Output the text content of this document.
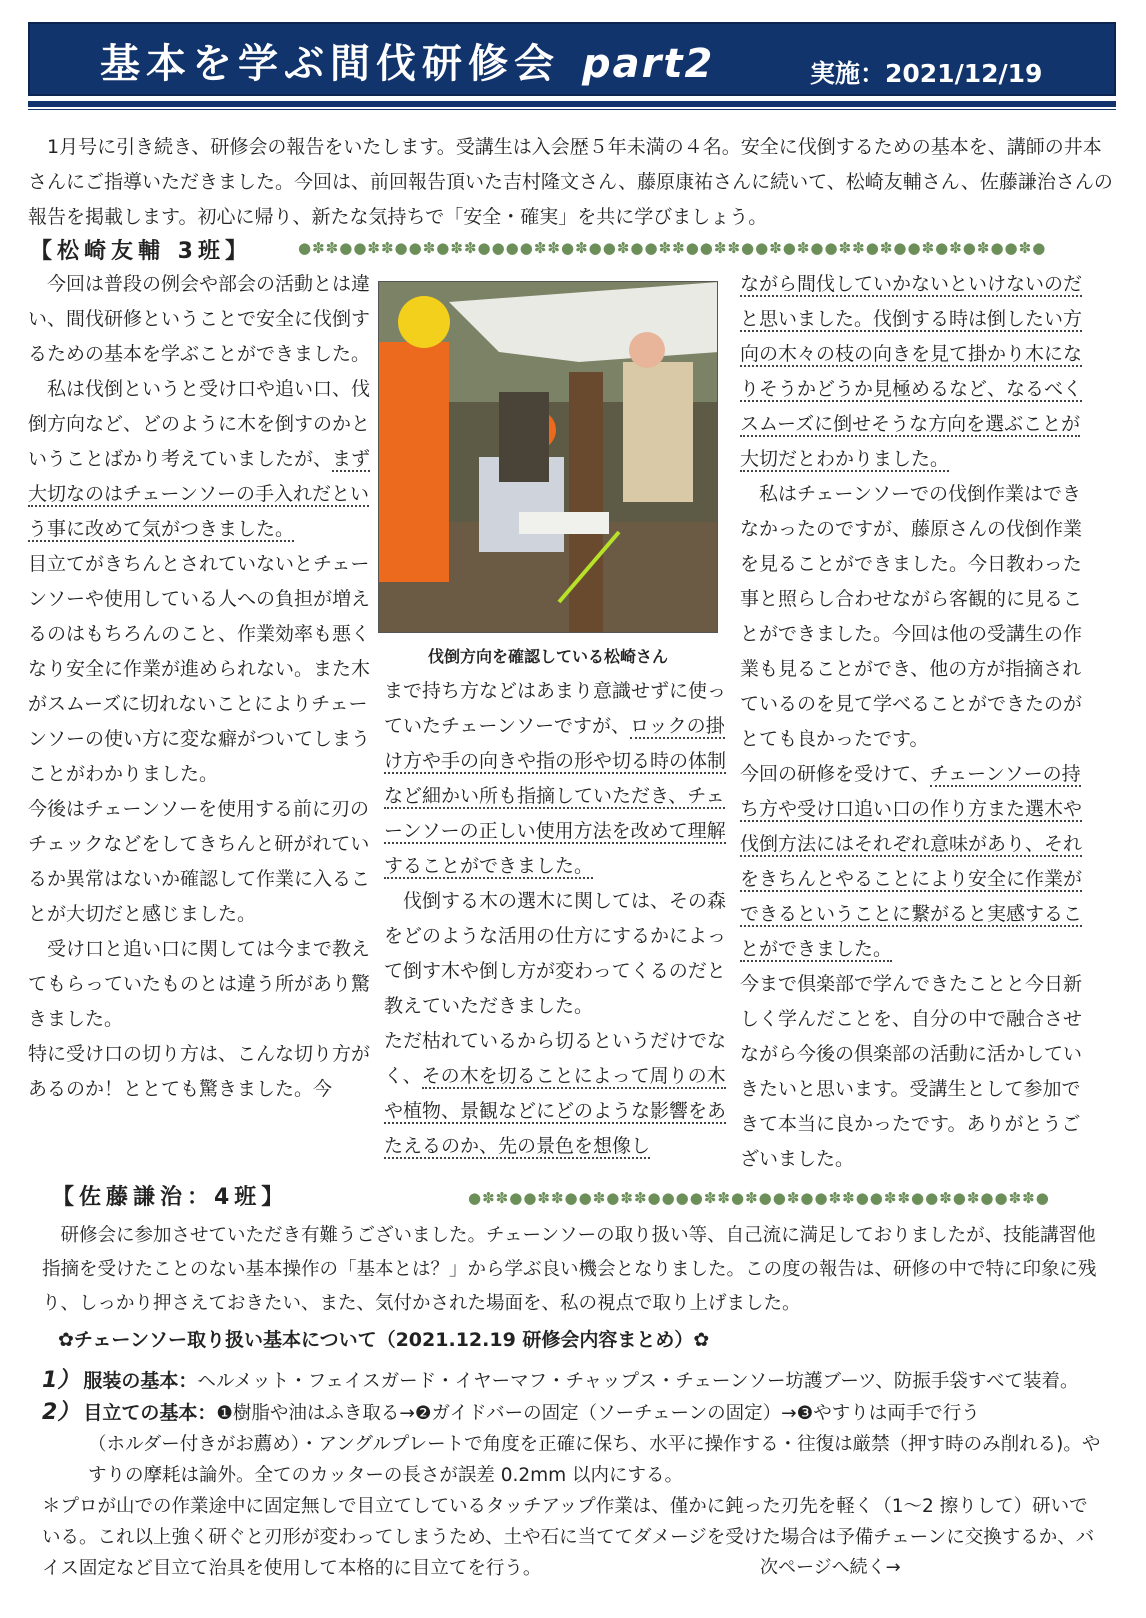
基本を学ぶ間伐研修会 part2	実施：2021/12/19

1月号に引き続き、研修会の報告をいたします。受講生は入会歴５年未満の４名。安全に伐倒するための基本を、講師の井本さんにご指導いただきました。今回は、前回報告頂いた吉村隆文さん、藤原康祐さんに続いて、松崎友輔さん、佐藤謙治さんの報告を掲載します。初心に帰り、新たな気持ちで「安全・確実」を共に学びましょう。

【松崎友輔 3班】	●✽✽●●✽✽●●✽●✽✽●●●●✽✽●✽●●✽●●✽✽●●✽✽●●✽●✽●●✽✽●✽●●✽●✽●✽●●✽●

今回は普段の例会や部会の活動とは違い、間伐研修ということで安全に伐倒するための基本を学ぶことができました。

私は伐倒というと受け口や追い口、伐倒方向など、どのように木を倒すのかということばかり考えていましたが、まず大切なのはチェーンソーの手入れだという事に改めて気がつきました。

目立てがきちんとされていないとチェーンソーや使用している人への負担が増えるのはもちろんのこと、作業効率も悪くなり安全に作業が進められない。また木がスムーズに切れないことによりチェーンソーの使い方に変な癖がついてしまうことがわかりました。

今後はチェーンソーを使用する前に刃のチェックなどをしてきちんと研がれているか異常はないか確認して作業に入ることが大切だと感じました。

受け口と追い口に関しては今まで教えてもらっていたものとは違う所があり驚きました。

特に受け口の切り方は、こんな切り方があるのか！ととても驚きました。今

伐倒方向を確認している松崎さん

まで持ち方などはあまり意識せずに使っていたチェーンソーですが、ロックの掛け方や手の向きや指の形や切る時の体制など細かい所も指摘していただき、チェーンソーの正しい使用方法を改めて理解することができました。

伐倒する木の選木に関しては、その森をどのような活用の仕方にするかによって倒す木や倒し方が変わってくるのだと教えていただきました。

ただ枯れているから切るというだけでなく、その木を切ることによって周りの木や植物、景観などにどのような影響をあたえるのか、先の景色を想像し

ながら間伐していかないといけないのだと思いました。伐倒する時は倒したい方向の木々の枝の向きを見て掛かり木になりそうかどうか見極めるなど、なるべくスムーズに倒せそうな方向を選ぶことが大切だとわかりました。

私はチェーンソーでの伐倒作業はできなかったのですが、藤原さんの伐倒作業を見ることができました。今日教わった事と照らし合わせながら客観的に見ることができました。今回は他の受講生の作業も見ることができ、他の方が指摘されているのを見て学べることができたのがとても良かったです。

今回の研修を受けて、チェーンソーの持ち方や受け口追い口の作り方また選木や伐倒方法にはそれぞれ意味があり、それをきちんとやることにより安全に作業ができるということに繋がると実感することができました。

今まで倶楽部で学んできたことと今日新しく学んだことを、自分の中で融合させながら今後の倶楽部の活動に活かしていきたいと思います。受講生として参加できて本当に良かったです。ありがとうございました。

【佐藤謙治：4班】	●✽✽●●✽✽●●✽●✽✽●●●●✽✽●✽●●✽●●✽✽●●✽✽●●✽●✽●●✽✽●

研修会に参加させていただき有難うございました。チェーンソーの取り扱い等、自己流に満足しておりましたが、技能講習他指摘を受けたことのない基本操作の「基本とは？」から学ぶ良い機会となりました。この度の報告は、研修の中で特に印象に残り、しっかり押さえておきたい、また、気付かされた場面を、私の視点で取り上げました。

✿チェーンソー取り扱い基本について（2021.12.19 研修会内容まとめ）✿

1） 服装の基本：ヘルメット・フェイスガード・イヤーマフ・チャップス・チェーンソー坊護ブーツ、防振手袋すべて装着。

2） 目立ての基本：❶樹脂や油はふき取る→❷ガイドバーの固定（ソーチェーンの固定）→❸やすりは両手で行う

（ホルダー付きがお薦め）・アングルプレートで角度を正確に保ち、水平に操作する・往復は厳禁（押す時のみ削れる)。やすりの摩耗は論外。全てのカッターの長さが誤差 0.2mm 以内にする。

＊プロが山での作業途中に固定無しで目立てしているタッチアップ作業は、僅かに鈍った刃先を軽く（1〜2 擦りして）研いでいる。これ以上強く研ぐと刃形が変わってしまうため、土や石に当ててダメージを受けた場合は予備チェーンに交換するか、バイス固定など目立て治具を使用して本格的に目立てを行う。	次ページへ続く→
